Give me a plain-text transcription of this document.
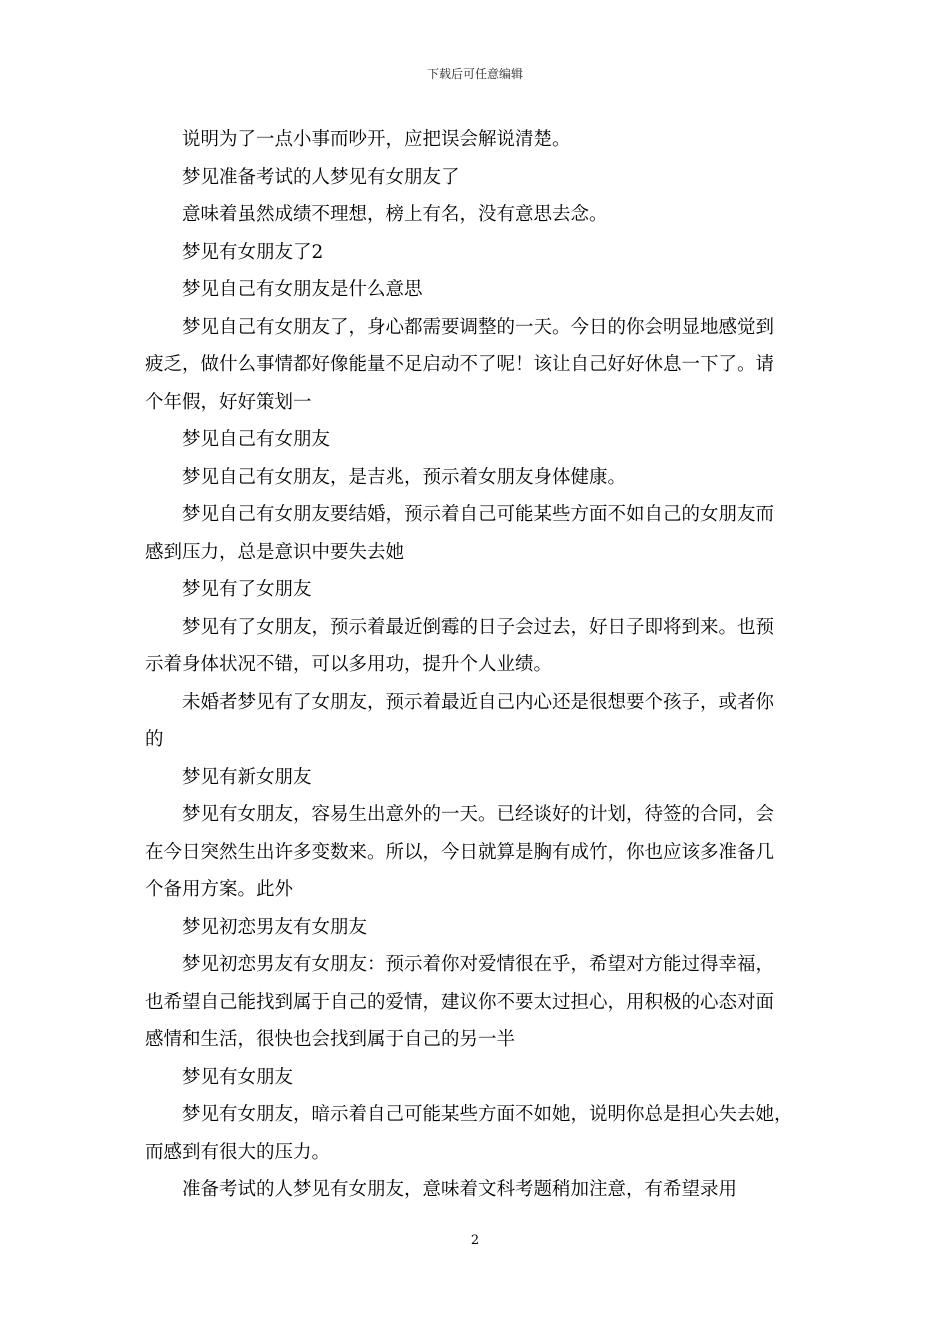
下载后可任意编辑
说明为了一点小事而吵开，应把误会解说清楚。
梦见准备考试的人梦见有女朋友了
意味着虽然成绩不理想，榜上有名，没有意思去念。
梦见有女朋友了2
梦见自己有女朋友是什么意思
梦见自己有女朋友了，身心都需要调整的一天。今日的你会明显地感觉到
疲乏，做什么事情都好像能量不足启动不了呢！该让自己好好休息一下了。请
个年假，好好策划一
梦见自己有女朋友
梦见自己有女朋友，是吉兆，预示着女朋友身体健康。
梦见自己有女朋友要结婚，预示着自己可能某些方面不如自己的女朋友而
感到压力，总是意识中要失去她
梦见有了女朋友
梦见有了女朋友，预示着最近倒霉的日子会过去，好日子即将到来。也预
示着身体状况不错，可以多用功，提升个人业绩。
未婚者梦见有了女朋友，预示着最近自己内心还是很想要个孩子，或者你
的
梦见有新女朋友
梦见有女朋友，容易生出意外的一天。已经谈好的计划，待签的合同，会
在今日突然生出许多变数来。所以，今日就算是胸有成竹，你也应该多准备几
个备用方案。此外
梦见初恋男友有女朋友
梦见初恋男友有女朋友：预示着你对爱情很在乎，希望对方能过得幸福，
也希望自己能找到属于自己的爱情，建议你不要太过担心，用积极的心态对面
感情和生活，很快也会找到属于自己的另一半
梦见有女朋友
梦见有女朋友，暗示着自己可能某些方面不如她，说明你总是担心失去她，
而感到有很大的压力。
准备考试的人梦见有女朋友，意味着文科考题稍加注意，有希望录用
2
